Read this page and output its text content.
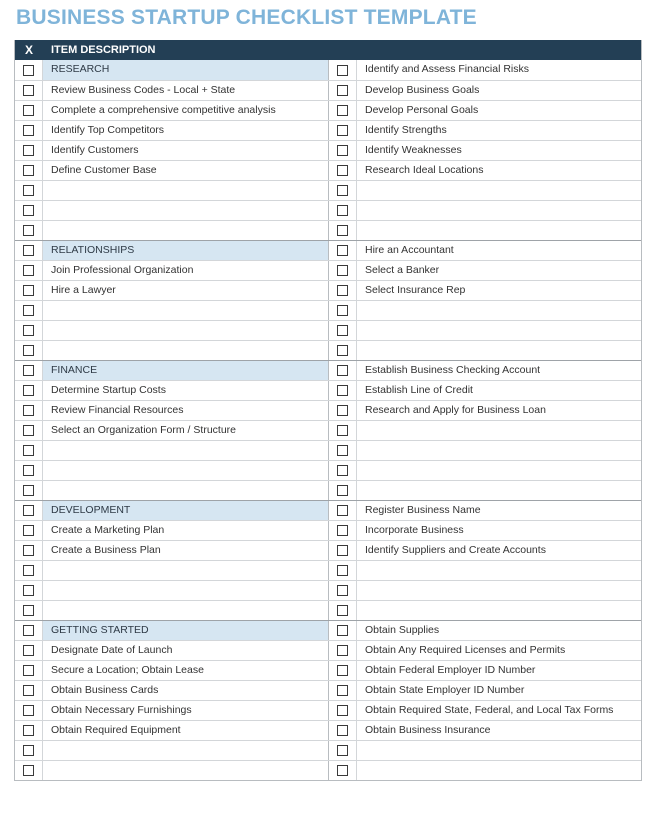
BUSINESS STARTUP CHECKLIST TEMPLATE
X	ITEM DESCRIPTION
RESEARCH	Identify and Assess Financial Risks
Review Business Codes - Local + State	Develop Business Goals
Complete a comprehensive competitive analysis	Develop Personal Goals
Identify Top Competitors	Identify Strengths
Identify Customers	Identify Weaknesses
Define Customer Base	Research Ideal Locations
RELATIONSHIPS	Hire an Accountant
Join Professional Organization	Select a Banker
Hire a Lawyer	Select Insurance Rep
FINANCE	Establish Business Checking Account
Determine Startup Costs	Establish Line of Credit
Review Financial Resources	Research and Apply for Business Loan
Select an Organization Form / Structure
DEVELOPMENT	Register Business Name
Create a Marketing Plan	Incorporate Business
Create a Business Plan	Identify Suppliers and Create Accounts
GETTING STARTED	Obtain Supplies
Designate Date of Launch	Obtain Any Required Licenses and Permits
Secure a Location; Obtain Lease	Obtain Federal Employer ID Number
Obtain Business Cards	Obtain State Employer ID Number
Obtain Necessary Furnishings	Obtain Required State, Federal, and Local Tax Forms
Obtain Required Equipment	Obtain Business Insurance
